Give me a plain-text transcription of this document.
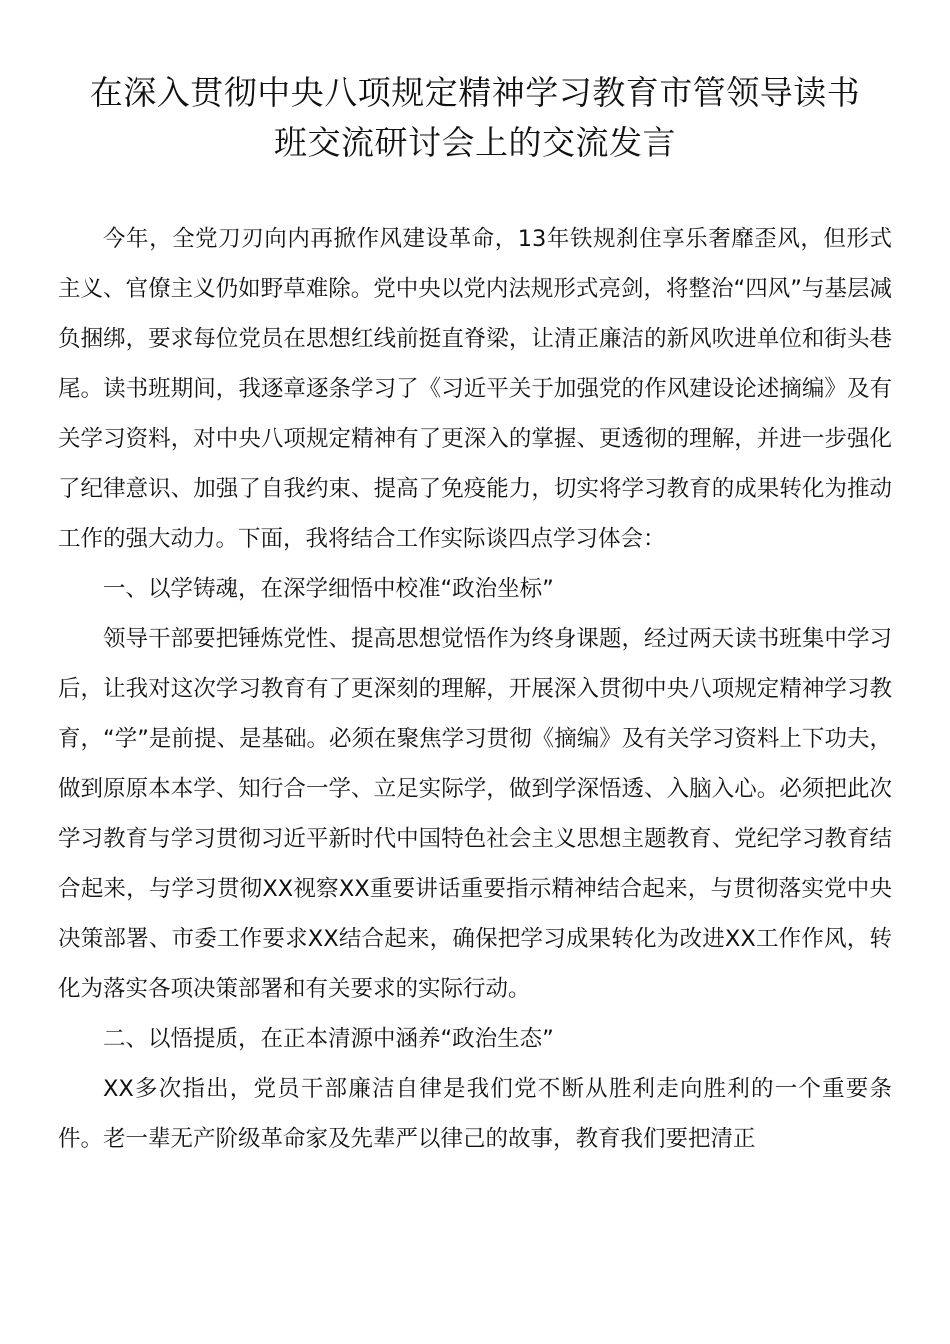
在深入贯彻中央八项规定精神学习教育市管领导读书
班交流研讨会上的交流发言

今年，全党刀刃向内再掀作风建设革命，13年铁规刹住享乐奢靡歪风，但形式主义、官僚主义仍如野草难除。党中央以党内法规形式亮剑，将整治“四风”与基层减负捆绑，要求每位党员在思想红线前挺直脊梁，让清正廉洁的新风吹进单位和街头巷尾。读书班期间，我逐章逐条学习了《习近平关于加强党的作风建设论述摘编》及有关学习资料，对中央八项规定精神有了更深入的掌握、更透彻的理解，并进一步强化了纪律意识、加强了自我约束、提高了免疫能力，切实将学习教育的成果转化为推动工作的强大动力。下面，我将结合工作实际谈四点学习体会：

一、以学铸魂，在深学细悟中校准“政治坐标”

领导干部要把锤炼党性、提高思想觉悟作为终身课题，经过两天读书班集中学习后，让我对这次学习教育有了更深刻的理解，开展深入贯彻中央八项规定精神学习教育，“学”是前提、是基础。必须在聚焦学习贯彻《摘编》及有关学习资料上下功夫，做到原原本本学、知行合一学、立足实际学，做到学深悟透、入脑入心。必须把此次学习教育与学习贯彻习近平新时代中国特色社会主义思想主题教育、党纪学习教育结合起来，与学习贯彻XX视察XX重要讲话重要指示精神结合起来，与贯彻落实党中央决策部署、市委工作要求XX结合起来，确保把学习成果转化为改进XX工作作风，转化为落实各项决策部署和有关要求的实际行动。

二、以悟提质，在正本清源中涵养“政治生态”

XX多次指出，党员干部廉洁自律是我们党不断从胜利走向胜利的一个重要条件。老一辈无产阶级革命家及先辈严以律己的故事，教育我们要把清正
